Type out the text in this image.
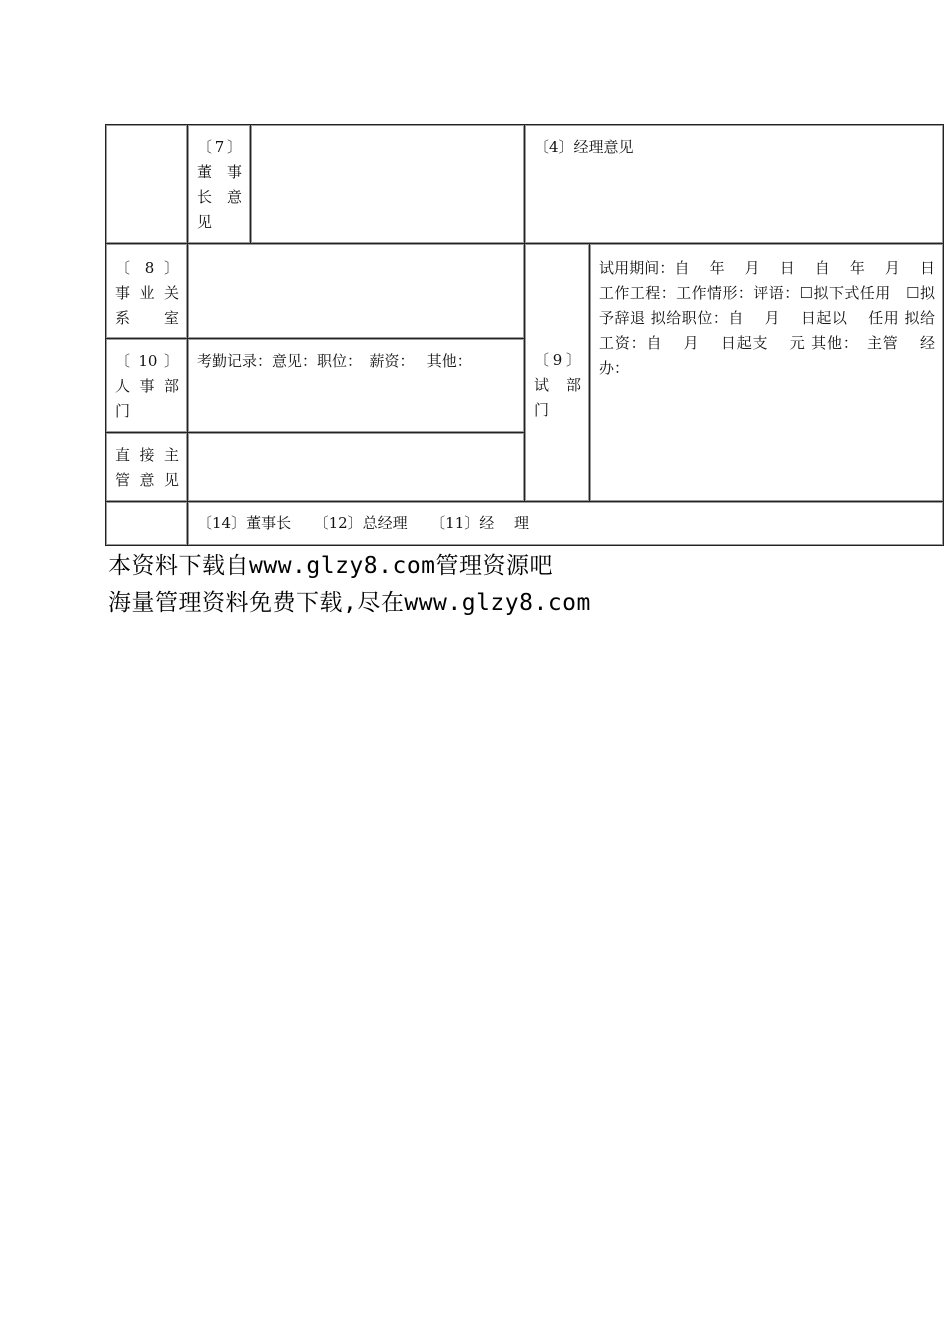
〔7〕董 事 长 意见
〔4〕经理意见
〔 8 〕事 业 关 系室
〔9〕试 部 门
试用期间：自　 年　 月　 日　 自　 年　 月　 日 工作工程：工作情形：评语：☐拟下式任用　☐拟予辞退 拟给职位：自　 月　 日起以　 任用 拟给工资：自　 月　 日起支　 元 其他：　主管　 经办：
〔 10 〕人 事 部 门
考勤记录：意见：职位：　薪资：　 其他：
直 接 主 管意见
〔14〕董事长　　〔12〕总经理　　〔11〕经　 理
本资料下载自www.glzy8.com管理资源吧
海量管理资料免费下载,尽在www.glzy8.com
